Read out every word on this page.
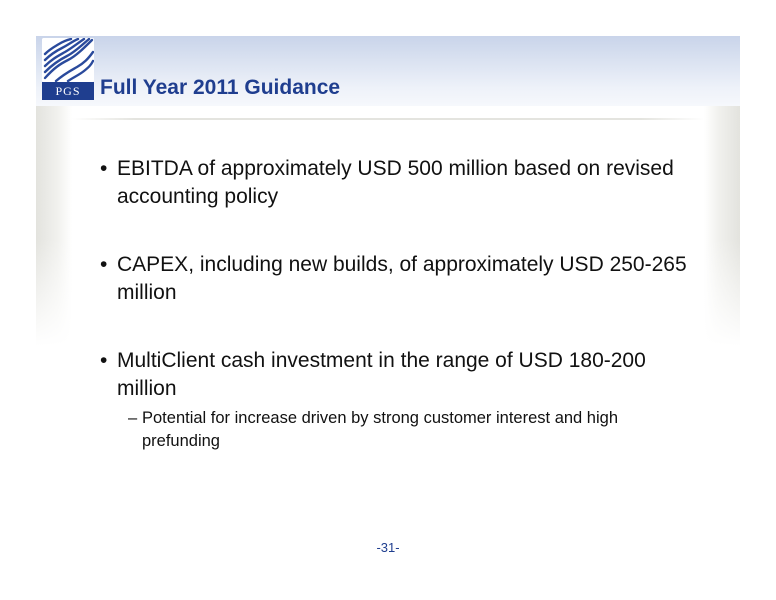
PGS Full Year 2011 Guidance
• EBITDA of approximately USD 500 million based on revised accounting policy
• CAPEX, including new builds, of approximately USD 250-265 million
• MultiClient cash investment in the range of USD 180-200 million
– Potential for increase driven by strong customer interest and high prefunding
-31-
